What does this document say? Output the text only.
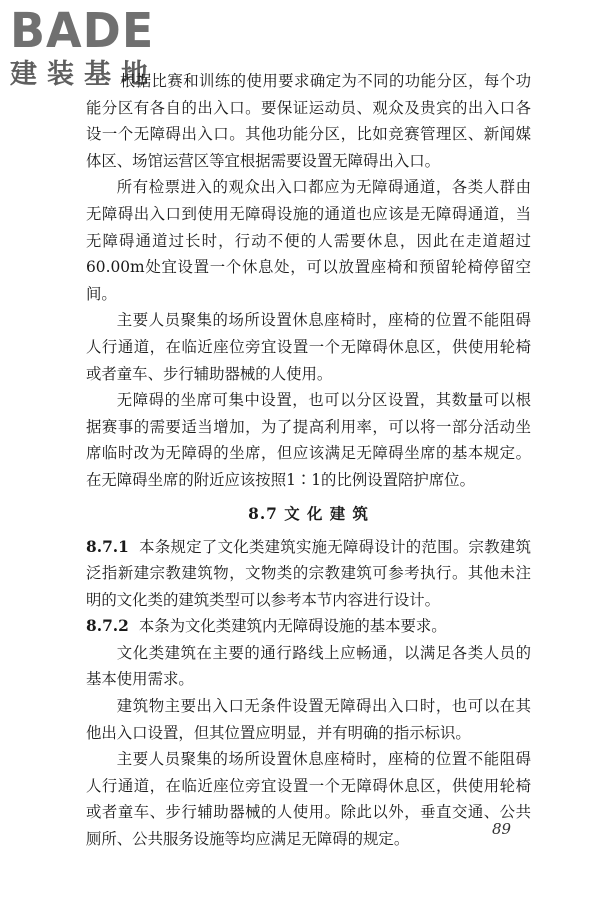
BADE
建装基地

根据比赛和训练的使用要求确定为不同的功能分区，每个功能分区有各自的出入口。要保证运动员、观众及贵宾的出入口各设一个无障碍出入口。其他功能分区，比如竞赛管理区、新闻媒体区、场馆运营区等宜根据需要设置无障碍出入口。

所有检票进入的观众出入口都应为无障碍通道，各类人群由无障碍出入口到使用无障碍设施的通道也应该是无障碍通道，当无障碍通道过长时，行动不便的人需要休息，因此在走道超过60.00m处宜设置一个休息处，可以放置座椅和预留轮椅停留空间。

主要人员聚集的场所设置休息座椅时，座椅的位置不能阻碍人行通道，在临近座位旁宜设置一个无障碍休息区，供使用轮椅或者童车、步行辅助器械的人使用。

无障碍的坐席可集中设置，也可以分区设置，其数量可以根据赛事的需要适当增加，为了提高利用率，可以将一部分活动坐席临时改为无障碍的坐席，但应该满足无障碍坐席的基本规定。在无障碍坐席的附近应该按照1∶1的比例设置陪护席位。

8.7 文 化 建 筑

8.7.1 本条规定了文化类建筑实施无障碍设计的范围。宗教建筑泛指新建宗教建筑物，文物类的宗教建筑可参考执行。其他未注明的文化类的建筑类型可以参考本节内容进行设计。

8.7.2 本条为文化类建筑内无障碍设施的基本要求。

文化类建筑在主要的通行路线上应畅通，以满足各类人员的基本使用需求。

建筑物主要出入口无条件设置无障碍出入口时，也可以在其他出入口设置，但其位置应明显，并有明确的指示标识。

主要人员聚集的场所设置休息座椅时，座椅的位置不能阻碍人行通道，在临近座位旁宜设置一个无障碍休息区，供使用轮椅或者童车、步行辅助器械的人使用。除此以外，垂直交通、公共厕所、公共服务设施等均应满足无障碍的规定。

89
